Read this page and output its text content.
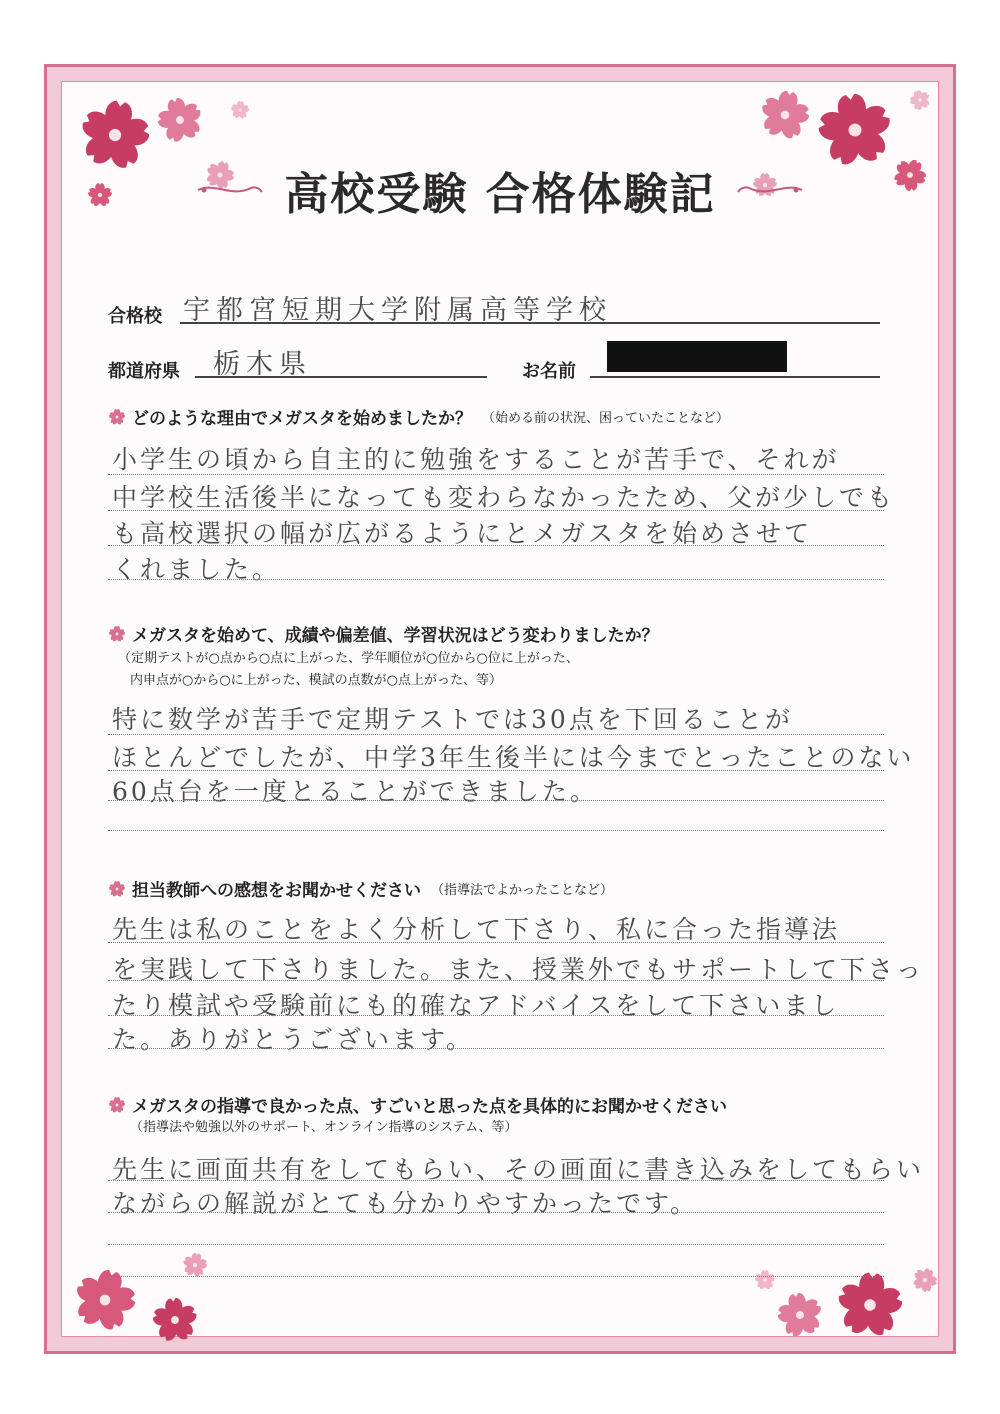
高校受験 合格体験記
合格校 宇都宮短期大学附属高等学校
都道府県 栃木県	お名前
どのような理由でメガスタを始めましたか？ （始める前の状況、困っていたことなど）
小学生の頃から自主的に勉強をすることが苦手で、それが
中学校生活後半になっても変わらなかったため、父が少しでも
も高校選択の幅が広がるようにとメガスタを始めさせて
くれました。
メガスタを始めて、成績や偏差値、学習状況はどう変わりましたか？
（定期テストが○点から○点に上がった、学年順位が○位から○位に上がった、
内申点が○から○に上がった、模試の点数が○点上がった、等）
特に数学が苦手で定期テストでは30点を下回ることが
ほとんどでしたが、中学3年生後半には今までとったことのない
60点台を一度とることができました。
担当教師への感想をお聞かせください （指導法でよかったことなど）
先生は私のことをよく分析して下さり、私に合った指導法
を実践して下さりました。また、授業外でもサポートして下さっ
たり模試や受験前にも的確なアドバイスをして下さいまし
た。ありがとうございます。
メガスタの指導で良かった点、すごいと思った点を具体的にお聞かせください
（指導法や勉強以外のサポート、オンライン指導のシステム、等）
先生に画面共有をしてもらい、その画面に書き込みをしてもらい
ながらの解説がとても分かりやすかったです。
